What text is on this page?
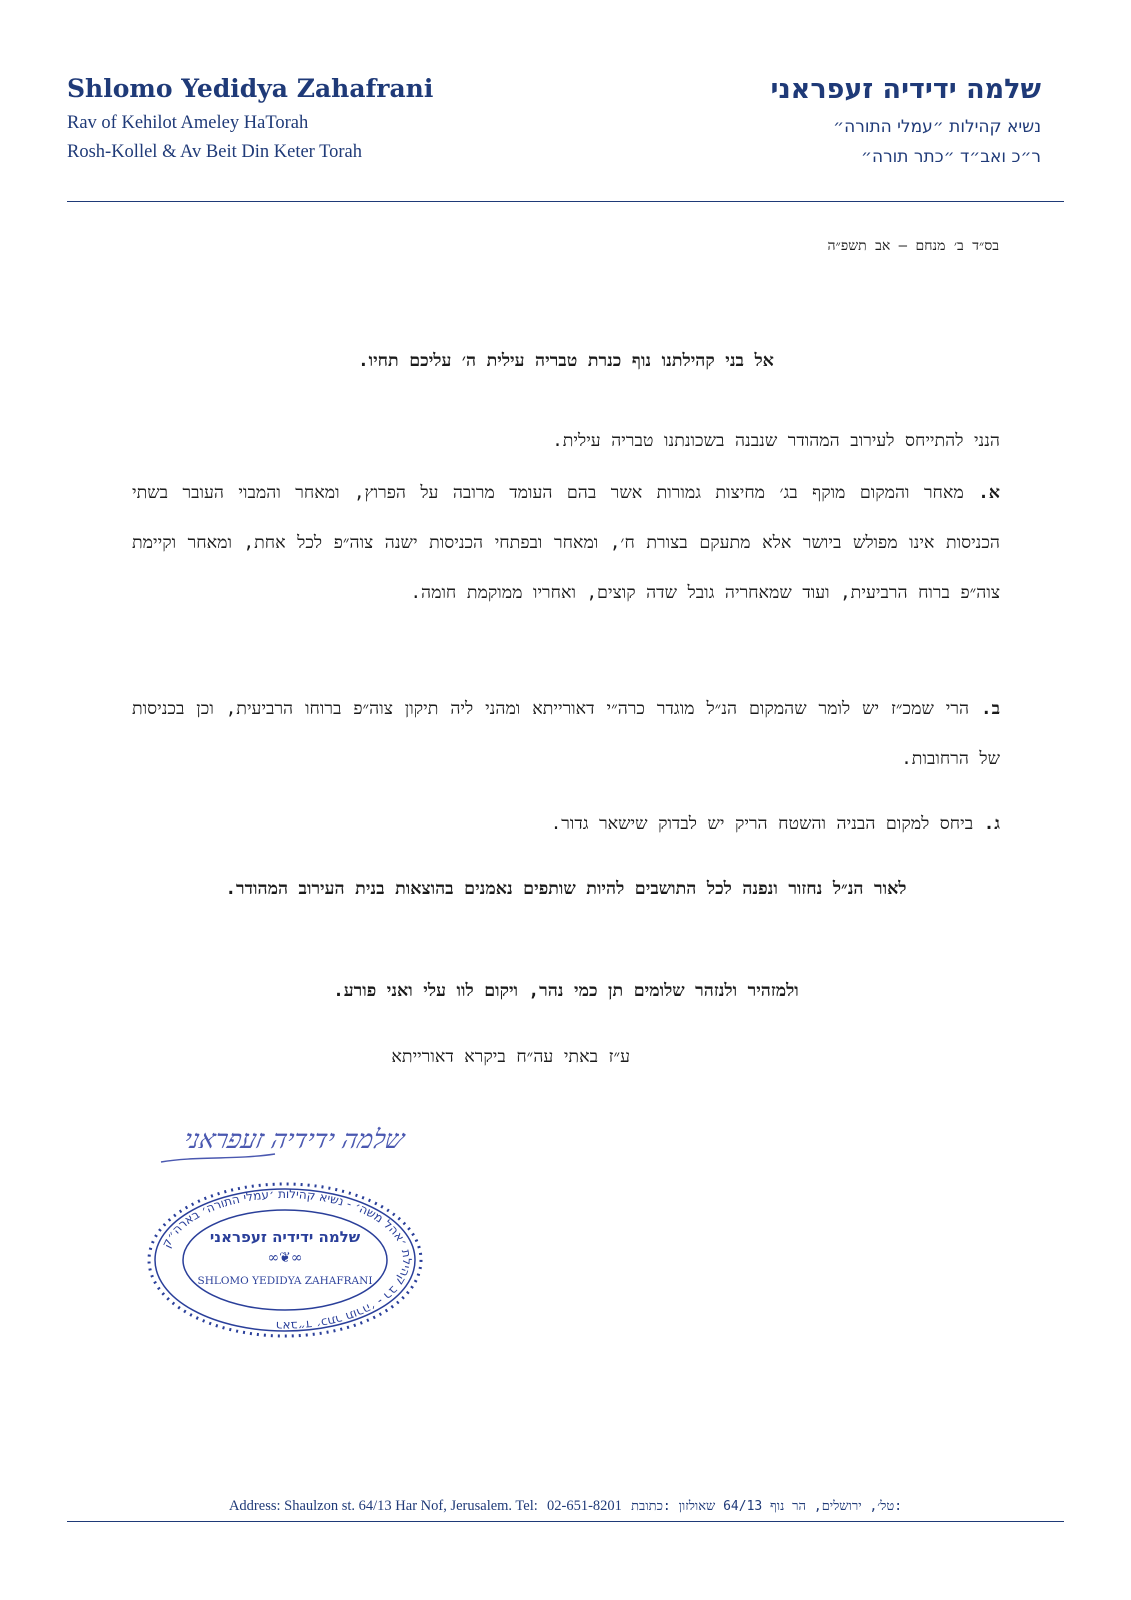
Shlomo Yedidya Zahafrani
Rav of Kehilot Ameley HaTorah
Rosh-Kollel & Av Beit Din Keter Torah
שלמה ידידיה זעפראני
נשיא קהילות ״עמלי התורה״
ר״כ ואב״ד ״כתר תורה״
בס״ד ב׳ מנחם – אב תשפ״ה
אל בני קהילתנו נוף כנרת טבריה עילית ה׳ עליכם תחיו.
הנני להתייחס לעירוב המהודר שנבנה בשכונתנו טבריה עילית.

א. מאחר והמקום מוקף בג׳ מחיצות גמורות אשר בהם העומד מרובה על הפרוץ, ומאחר והמבוי העובר בשתי הכניסות אינו מפולש ביושר אלא מתעקם בצורת ח׳, ומאחר ובפתחי הכניסות ישנה צוה״פ לכל אחת, ומאחר וקיימת צוה״פ ברוח הרביעית, ועוד שמאחריה גובל שדה קוצים, ואחריו ממוקמת חומה.

ב. הרי שמכ״ז יש לומר שהמקום הנ״ל מוגדר כרה״י דאורייתא ומהני ליה תיקון צוה״פ ברוחו הרביעית, וכן בכניסות של הרחובות.

ג. ביחס למקום הבניה והשטח הריק יש לבדוק שישאר גדור.

לאור הנ״ל נחזור ונפנה לכל התושבים להיות שותפים נאמנים בהוצאות בנית העירוב המהודר.
ולמזהיר ולנזהר שלומים תן כמי נהר, ויקום לוו עלי ואני פורע.
ע״ז באתי עה״ח ביקרא דאורייתא
שלמה ידידיה זעפראני
ראב״ד ׳כתר תורה׳ - רב קהילת ׳אהל משה׳ - נשיא קהילות ׳עמלי התורה׳ בארה״ק
שלמה ידידיה זעפראני
∞❦∞
SHLOMO YEDIDYA ZAHAFRANI
Address: Shaulzon st. 64/13 Har Nof, Jerusalem. Tel: 02-651-8201 :טל׳, ירושלים, הר נוף 64/13 שאולזון :כתובת
